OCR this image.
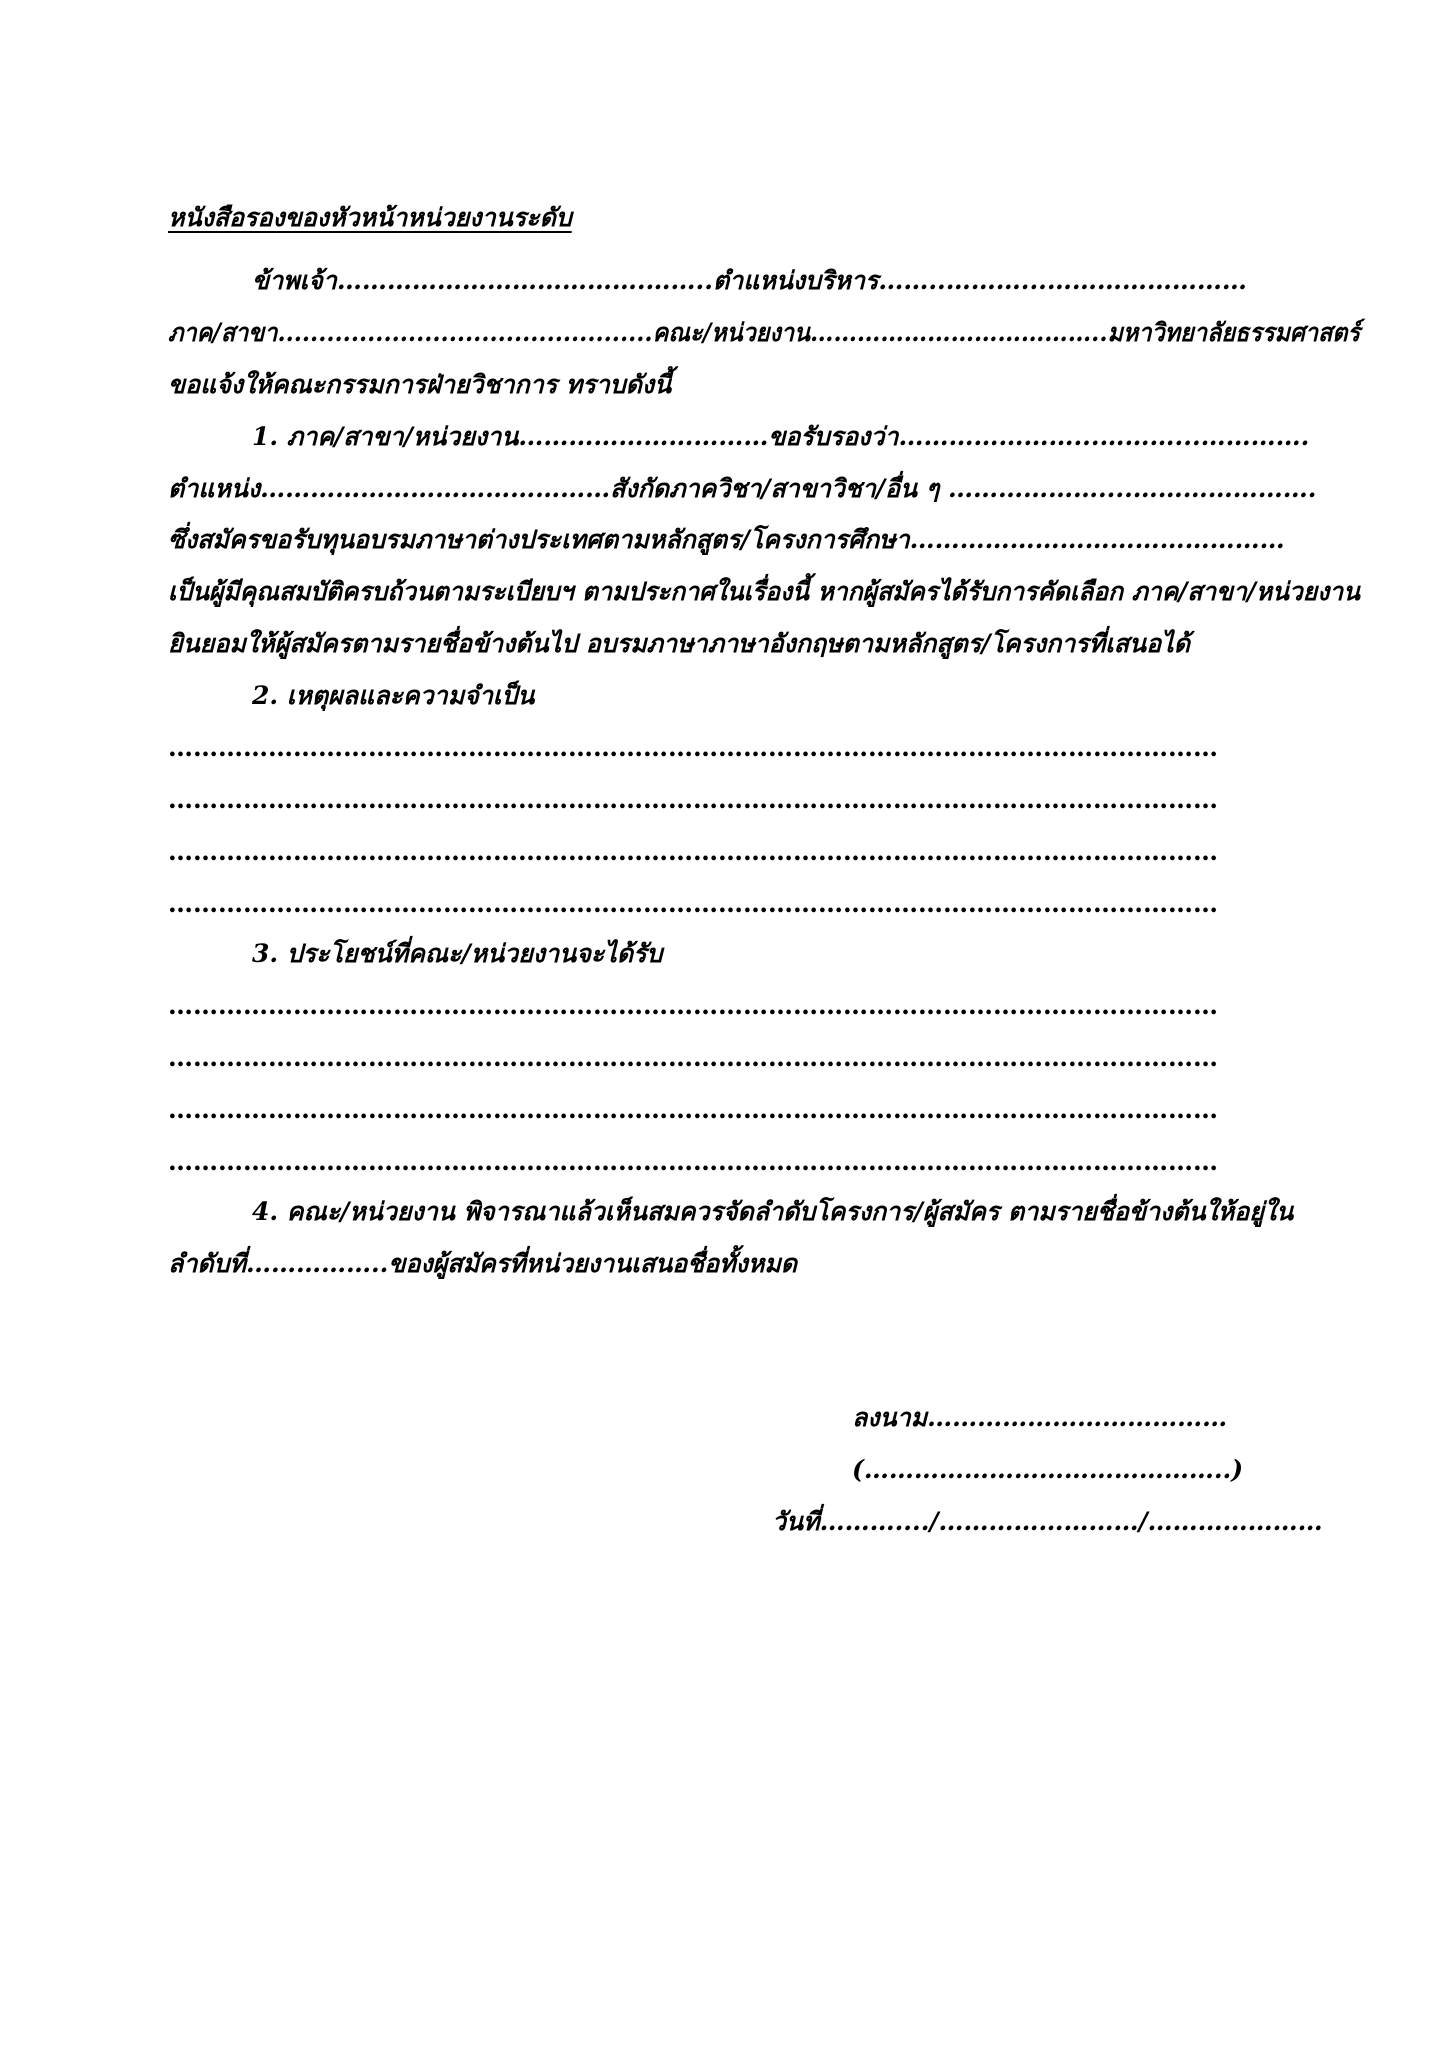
หนังสือรองของหัวหน้าหน่วยงานระดับ
ข้าพเจ้า……………………………….……..ตำแหน่งบริหาร……..………...……………………
ภาค/สาขา..............................................คณะ/หน่วยงาน………………………………..มหาวิทยาลัยธรรมศาสตร์
ขอแจ้งให้คณะกรรมการฝ่ายวิชาการ ทราบดังนี้
1. ภาค/สาขา/หน่วยงาน…………………………ขอรับรองว่า…………………...………...………….
ตำแหน่ง……………………………………สังกัดภาควิชา/สาขาวิชา/อื่น ๆ ………………....………………….
ซึ่งสมัครขอรับทุนอบรมภาษาต่างประเทศตามหลักสูตร/โครงการศึกษา………………………………………
เป็นผู้มีคุณสมบัติครบถ้วนตามระเบียบฯ ตามประกาศในเรื่องนี้ หากผู้สมัครได้รับการคัดเลือก ภาค/สาขา/หน่วยงาน
ยินยอมให้ผู้สมัครตามรายชื่อข้างต้นไป อบรมภาษาภาษาอังกฤษตามหลักสูตร/โครงการที่เสนอได้
2. เหตุผลและความจำเป็น
………………………………………………………………………………………………………………
………………………………………………………………………………………………………………
………………………………………………………………………………………………………………
………………………………………………………………………………………………………………
3. ประโยชน์ที่คณะ/หน่วยงานจะได้รับ
………………………………………………………………………………………………………………
………………………………………………………………………………………………………………
………………………………………………………………………………………………………………
………………………………………………………………………………………………………………
4. คณะ/หน่วยงาน พิจารณาแล้วเห็นสมควรจัดลำดับโครงการ/ผู้สมัคร ตามรายชื่อข้างต้นให้อยู่ใน
ลำดับที่……………..ของผู้สมัครที่หน่วยงานเสนอชื่อทั้งหมด
ลงนาม………………………………
(……………………………………..)
วันที่………..../……………………/…………………
